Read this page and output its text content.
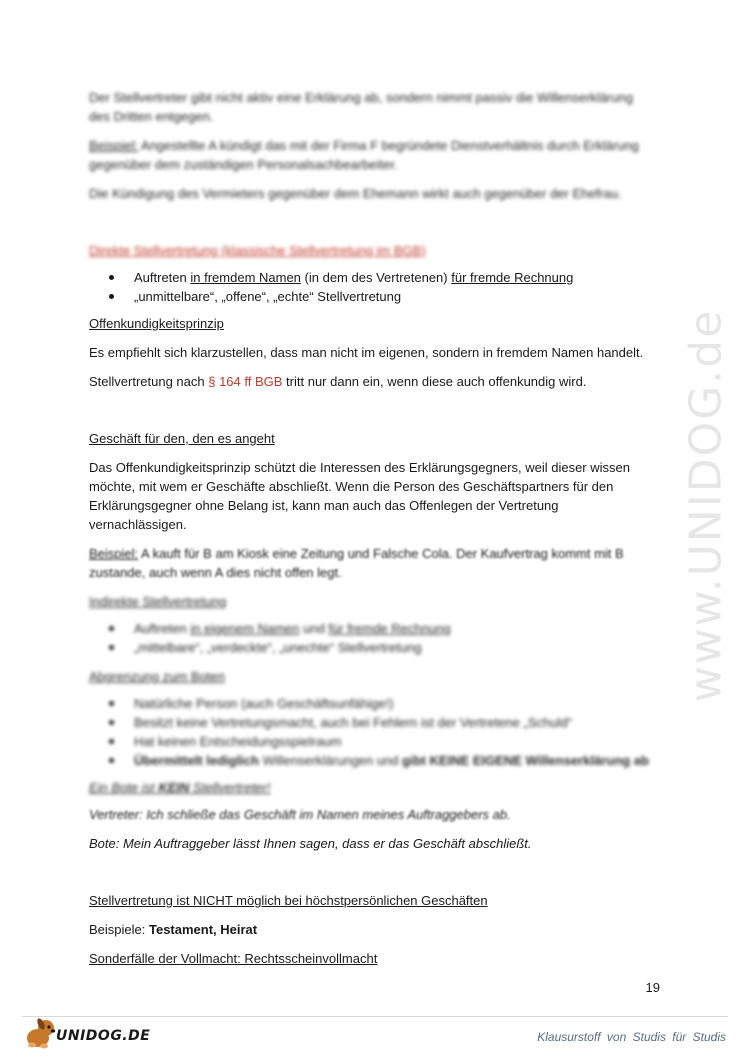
Der Stellvertreter gibt nicht aktiv eine Erklärung ab, sondern nimmt passiv die Willenserklärung des Dritten entgegen.

Beispiel: Angestellte A kündigt das mit der Firma F begründete Dienstverhältnis durch Erklärung gegenüber dem zuständigen Personalsachbearbeiter.

Die Kündigung des Vermieters gegenüber dem Ehemann wirkt auch gegenüber der Ehefrau.

Direkte Stellvertretung (klassische Stellvertretung im BGB)

Auftreten in fremdem Namen (in dem des Vertretenen) für fremde Rechnung
„unmittelbare“, „offene“, „echte“ Stellvertretung

Offenkundigkeitsprinzip

Es empfiehlt sich klarzustellen, dass man nicht im eigenen, sondern in fremdem Namen handelt.

Stellvertretung nach § 164 ff BGB tritt nur dann ein, wenn diese auch offenkundig wird.

Geschäft für den, den es angeht

Das Offenkundigkeitsprinzip schützt die Interessen des Erklärungsgegners, weil dieser wissen möchte, mit wem er Geschäfte abschließt. Wenn die Person des Geschäftspartners für den Erklärungsgegner ohne Belang ist, kann man auch das Offenlegen der Vertretung vernachlässigen.

Beispiel: A kauft für B am Kiosk eine Zeitung und Falsche Cola. Der Kaufvertrag kommt mit B zustande, auch wenn A dies nicht offen legt.

Indirekte Stellvertretung

Auftreten in eigenem Namen und für fremde Rechnung
„mittelbare“, „verdeckte“, „unechte“ Stellvertretung

Abgrenzung zum Boten

Natürliche Person (auch Geschäftsunfähige!)
Besitzt keine Vertretungsmacht, auch bei Fehlern ist der Vertretene „Schuld“
Hat keinen Entscheidungsspielraum
Übermittelt lediglich Willenserklärungen und gibt KEINE EIGENE Willenserklärung ab

Ein Bote ist KEIN Stellvertreter!

Vertreter: Ich schließe das Geschäft im Namen meines Auftraggebers ab.

Bote: Mein Auftraggeber lässt Ihnen sagen, dass er das Geschäft abschließt.

Stellvertretung ist NICHT möglich bei höchstpersönlichen Geschäften

Beispiele: Testament, Heirat

Sonderfälle der Vollmacht: Rechtsscheinvollmacht

www.UNIDOG.de
19
UNIDOG.DE	Klausurstoff von Studis für Studis
